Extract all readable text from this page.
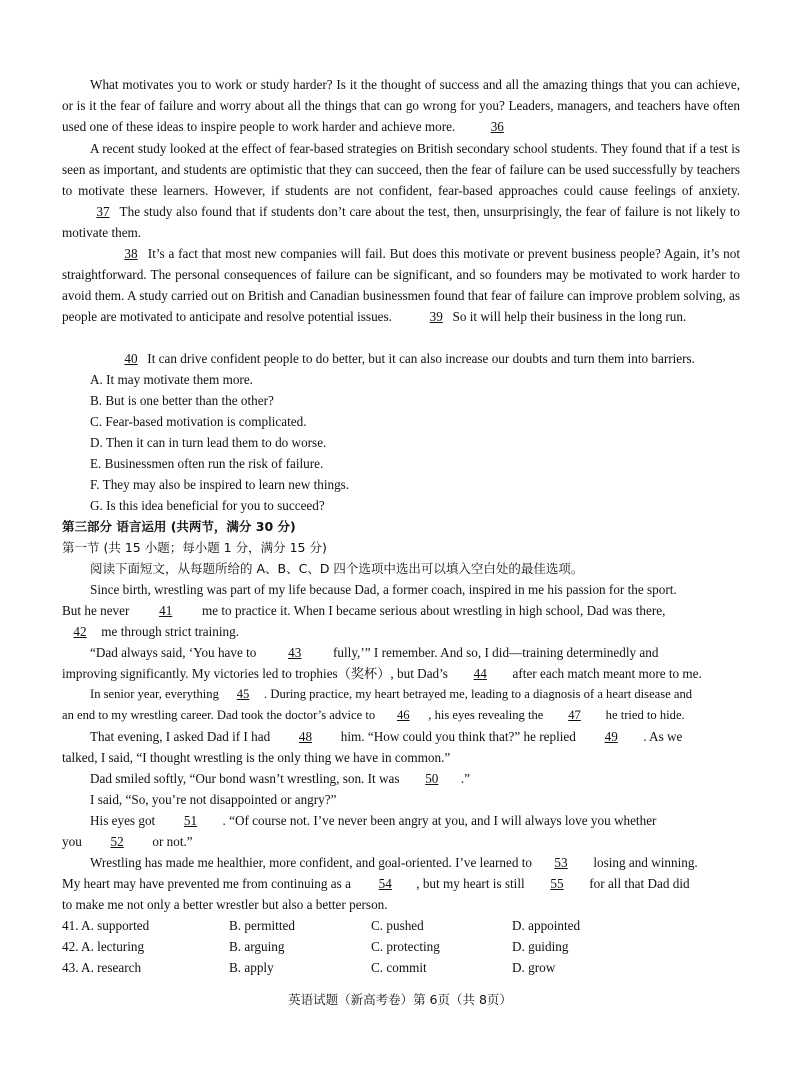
What motivates you to work or study harder? Is it the thought of success and all the amazing things that you can achieve, or is it the fear of failure and worry about all the things that can go wrong for you? Leaders, managers, and teachers have often used one of these ideas to inspire people to work harder and achieve more.	36

A recent study looked at the effect of fear-based strategies on British secondary school students. They found that if a test is seen as important, and students are optimistic that they can succeed, then the fear of failure can be used successfully by teachers to motivate these learners. However, if students are not confident, fear-based approaches could cause feelings of anxiety. 37 The study also found that if students don’t care about the test, then, unsurprisingly, the fear of failure is not likely to motivate them.

38 It’s a fact that most new companies will fail. But does this motivate or prevent business people? Again, it’s not straightforward. The personal consequences of failure can be significant, and so founders may be motivated to work harder to avoid them. A study carried out on British and Canadian businessmen found that fear of failure can improve problem solving, as people are motivated to anticipate and resolve potential issues.	39 So it will help their business in the long run.

40 It can drive confident people to do better, but it can also increase our doubts and turn them into barriers.

A. It may motivate them more.
B. But is one better than the other?
C. Fear-based motivation is complicated.
D. Then it can in turn lead them to do worse.
E. Businessmen often run the risk of failure.
F. They may also be inspired to learn new things.
G. Is this idea beneficial for you to succeed?
第三部分 语言运用 (共两节，满分 30 分)
第一节 (共 15 小题；每小题 1 分，满分 15 分)
阅读下面短文，从每题所给的 A、B、C、D 四个选项中选出可以填入空白处的最佳选项。
Since birth, wrestling was part of my life because Dad, a former coach, inspired in me his passion for the sport.
But he never 41 me to practice it. When I became serious about wrestling in high school, Dad was there,
42 me through strict training.
“Dad always said, ‘You have to 43 fully,’” I remember. And so, I did—training determinedly and
improving significantly. My victories led to trophies（奖杯）, but Dad’s 44 after each match meant more to me.
In senior year, everything 45 . During practice, my heart betrayed me, leading to a diagnosis of a heart disease and
an end to my wrestling career. Dad took the doctor’s advice to 46 , his eyes revealing the 47 he tried to hide.
That evening, I asked Dad if I had 48 him. “How could you think that?” he replied 49 . As we
talked, I said, “I thought wrestling is the only thing we have in common.”
Dad smiled softly, “Our bond wasn’t wrestling, son. It was 50 .”
I said, “So, you’re not disappointed or angry?”
His eyes got 51 . “Of course not. I’ve never been angry at you, and I will always love you whether
you 52 or not.”
Wrestling has made me healthier, more confident, and goal-oriented. I’ve learned to 53 losing and winning.
My heart may have prevented me from continuing as a 54 , but my heart is still 55 for all that Dad did
to make me not only a better wrestler but also a better person.
41. A. supported	B. permitted	C. pushed	D. appointed
42. A. lecturing	B. arguing	C. protecting	D. guiding
43. A. research	B. apply	C. commit	D. grow
英语试题（新高考卷）第 6页（共 8页）
